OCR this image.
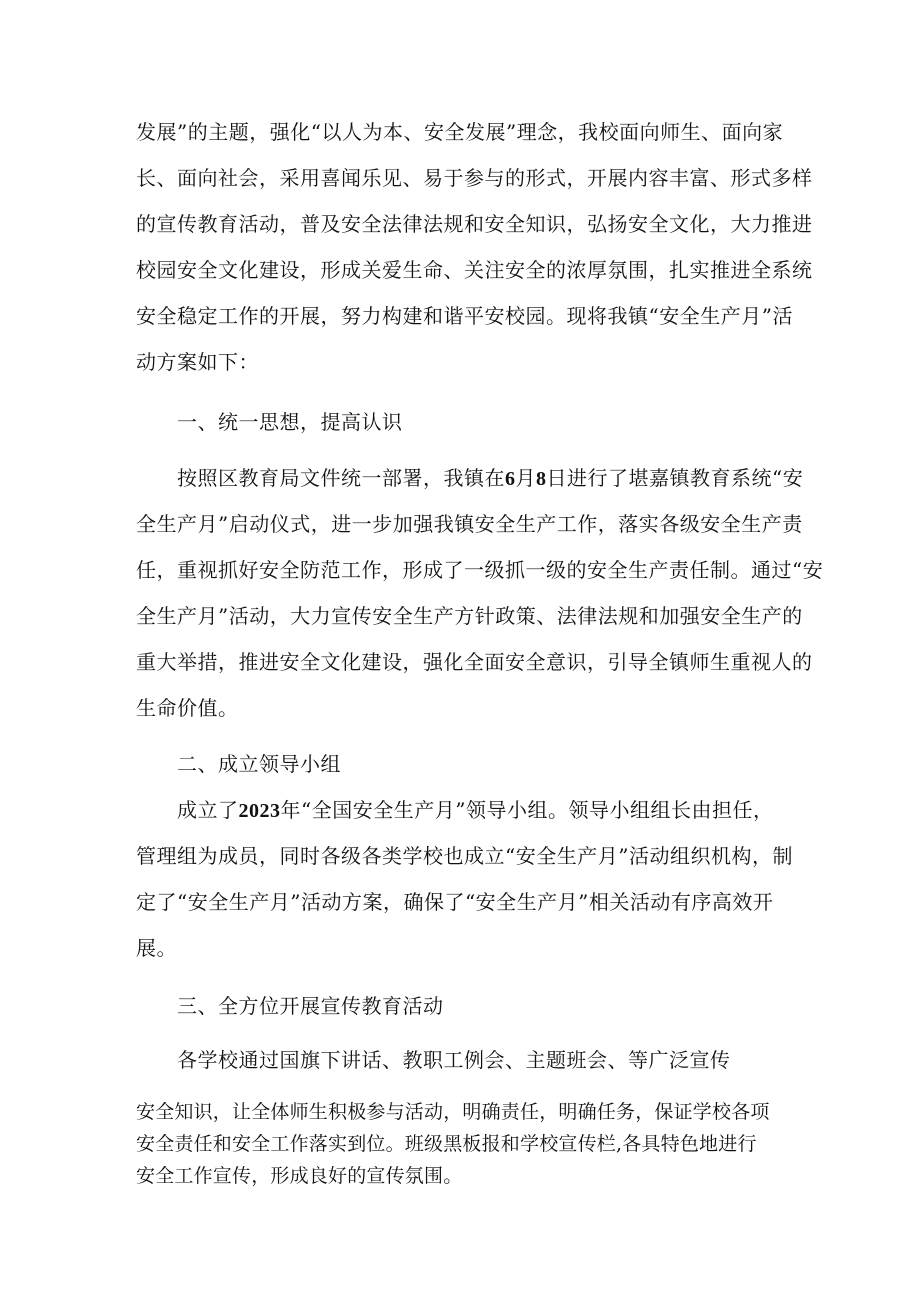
发展”的主题，强化“以人为本、安全发展”理念，我校面向师生、面向家
长、面向社会，采用喜闻乐见、易于参与的形式，开展内容丰富、形式多样
的宣传教育活动，普及安全法律法规和安全知识，弘扬安全文化，大力推进
校园安全文化建设，形成关爱生命、关注安全的浓厚氛围，扎实推进全系统
安全稳定工作的开展，努力构建和谐平安校园。现将我镇“安全生产月”活
动方案如下：
一、统一思想，提高认识
按照区教育局文件统一部署，我镇在6月8日进行了堪嘉镇教育系统“安
全生产月”启动仪式，进一步加强我镇安全生产工作，落实各级安全生产责
任，重视抓好安全防范工作，形成了一级抓一级的安全生产责任制。通过“安
全生产月”活动，大力宣传安全生产方针政策、法律法规和加强安全生产的
重大举措，推进安全文化建设，强化全面安全意识，引导全镇师生重视人的
生命价值。
二、成立领导小组
成立了2023年“全国安全生产月”领导小组。领导小组组长由担任，
管理组为成员，同时各级各类学校也成立“安全生产月”活动组织机构，制
定了“安全生产月”活动方案，确保了“安全生产月”相关活动有序高效开
展。
三、全方位开展宣传教育活动
各学校通过国旗下讲话、教职工例会、主题班会、等广泛宣传
安全知识，让全体师生积极参与活动，明确责任，明确任务，保证学校各项
安全责任和安全工作落实到位。班级黑板报和学校宣传栏,各具特色地进行
安全工作宣传，形成良好的宣传氛围。
